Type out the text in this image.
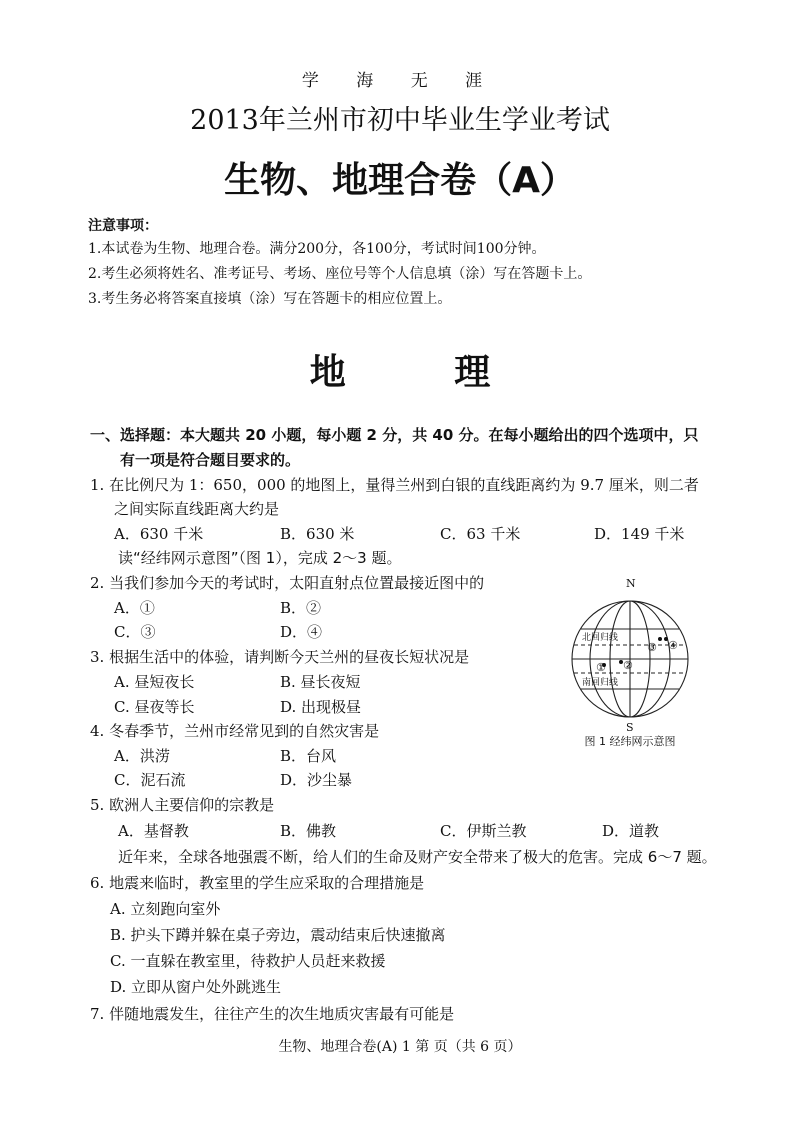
学 海 无 涯
2013年兰州市初中毕业生学业考试
生物、地理合卷（A）
注意事项：
1.本试卷为生物、地理合卷。满分200分，各100分，考试时间100分钟。
2.考生必须将姓名、准考证号、考场、座位号等个人信息填（涂）写在答题卡上。
3.考生务必将答案直接填（涂）写在答题卡的相应位置上。
地 理
一、选择题：本大题共 20 小题，每小题 2 分，共 40 分。在每小题给出的四个选项中，只
有一项是符合题目要求的。
1. 在比例尺为 1：650，000 的地图上，量得兰州到白银的直线距离约为 9.7 厘米，则二者
之间实际直线距离大约是
A．630 千米	B．630 米	C．63 千米	D．149 千米
读“经纬网示意图”（图 1），完成 2～3 题。
2. 当我们参加今天的考试时，太阳直射点位置最接近图中的
A．①	B．②
C．③	D．④
3. 根据生活中的体验，请判断今天兰州的昼夜长短状况是
A. 昼短夜长	B. 昼长夜短
C. 昼夜等长	D. 出现极昼
4. 冬春季节，兰州市经常见到的自然灾害是
A．洪涝	B．台风
C．泥石流	D．沙尘暴
5. 欧洲人主要信仰的宗教是
A．基督教	B．佛教	C．伊斯兰教	D．道教
近年来，全球各地强震不断，给人们的生命及财产安全带来了极大的危害。完成 6～7 题。
6. 地震来临时，教室里的学生应采取的合理措施是
A. 立刻跑向室外
B. 护头下蹲并躲在桌子旁边，震动结束后快速撤离
C. 一直躲在教室里，待救护人员赶来救援
D. 立即从窗户处外跳逃生
7. 伴随地震发生，往往产生的次生地质灾害最有可能是
N
S
北回归线
南回归线
① ②
③ ④
图 1 经纬网示意图
生物、地理合卷(A) 1 第 页（共 6 页）
